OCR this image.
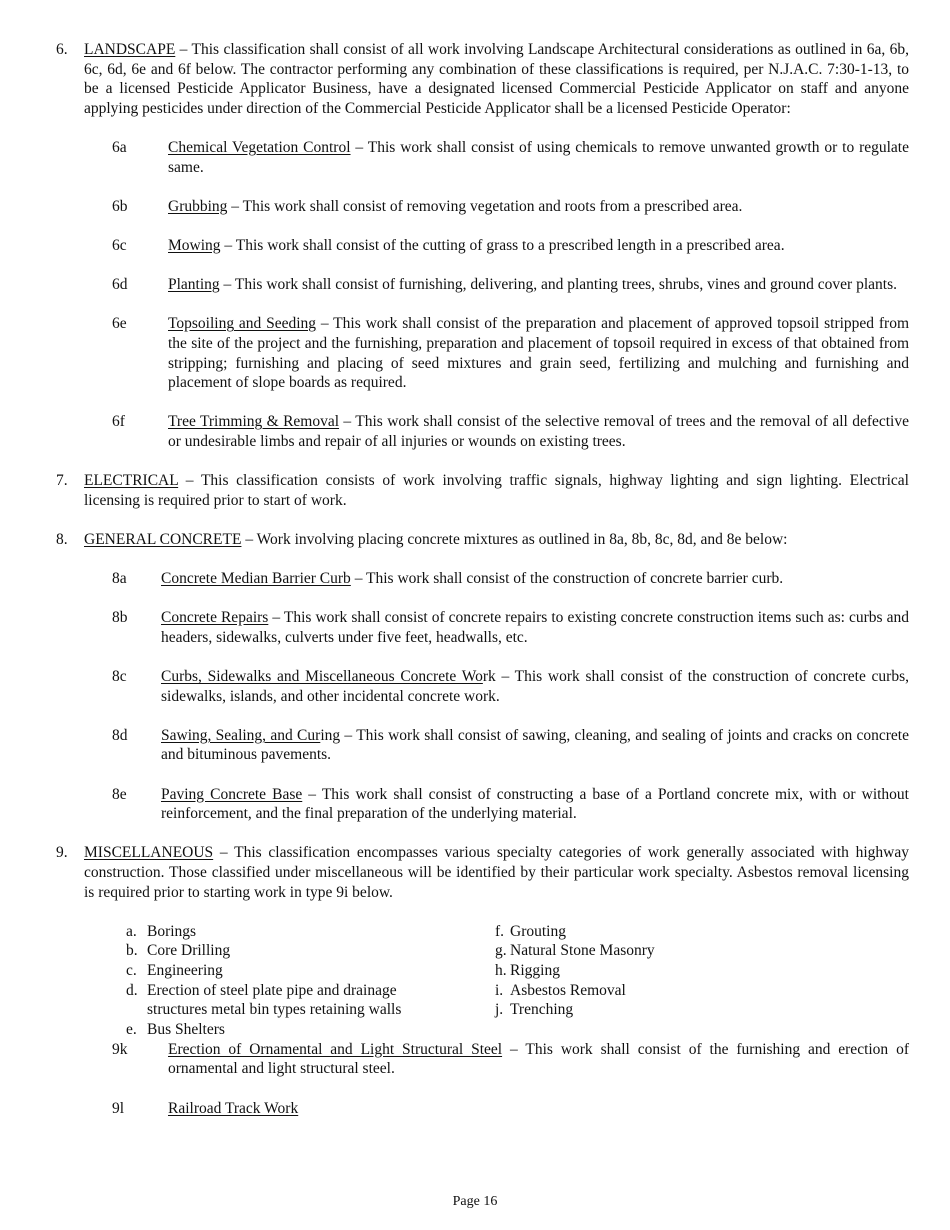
6. LANDSCAPE – This classification shall consist of all work involving Landscape Architectural considerations as outlined in 6a, 6b, 6c, 6d, 6e and 6f below. The contractor performing any combination of these classifications is required, per N.J.A.C. 7:30-1-13, to be a licensed Pesticide Applicator Business, have a designated licensed Commercial Pesticide Applicator on staff and anyone applying pesticides under direction of the Commercial Pesticide Applicator shall be a licensed Pesticide Operator:
6a	Chemical Vegetation Control – This work shall consist of using chemicals to remove unwanted growth or to regulate same.
6b	Grubbing – This work shall consist of removing vegetation and roots from a prescribed area.
6c	Mowing – This work shall consist of the cutting of grass to a prescribed length in a prescribed area.
6d	Planting – This work shall consist of furnishing, delivering, and planting trees, shrubs, vines and ground cover plants.
6e	Topsoiling and Seeding – This work shall consist of the preparation and placement of approved topsoil stripped from the site of the project and the furnishing, preparation and placement of topsoil required in excess of that obtained from stripping; furnishing and placing of seed mixtures and grain seed, fertilizing and mulching and furnishing and placement of slope boards as required.
6f	Tree Trimming & Removal – This work shall consist of the selective removal of trees and the removal of all defective or undesirable limbs and repair of all injuries or wounds on existing trees.
7. ELECTRICAL – This classification consists of work involving traffic signals, highway lighting and sign lighting. Electrical licensing is required prior to start of work.
8. GENERAL CONCRETE – Work involving placing concrete mixtures as outlined in 8a, 8b, 8c, 8d, and 8e below:
8a Concrete Median Barrier Curb – This work shall consist of the construction of concrete barrier curb.
8b Concrete Repairs – This work shall consist of concrete repairs to existing concrete construction items such as: curbs and headers, sidewalks, culverts under five feet, headwalls, etc.
8c Curbs, Sidewalks and Miscellaneous Concrete Work – This work shall consist of the construction of concrete curbs, sidewalks, islands, and other incidental concrete work.
8d Sawing, Sealing, and Curing – This work shall consist of sawing, cleaning, and sealing of joints and cracks on concrete and bituminous pavements.
8e Paving Concrete Base – This work shall consist of constructing a base of a Portland concrete mix, with or without reinforcement, and the final preparation of the underlying material.
9. MISCELLANEOUS – This classification encompasses various specialty categories of work generally associated with highway construction. Those classified under miscellaneous will be identified by their particular work specialty. Asbestos removal licensing is required prior to starting work in type 9i below.
a. Borings
b. Core Drilling
c. Engineering
d. Erection of steel plate pipe and drainage structures metal bin types retaining walls
e. Bus Shelters
f. Grouting
g. Natural Stone Masonry
h. Rigging
i. Asbestos Removal
j. Trenching
9k	Erection of Ornamental and Light Structural Steel – This work shall consist of the furnishing and erection of ornamental and light structural steel.
9l	Railroad Track Work
Page 16
